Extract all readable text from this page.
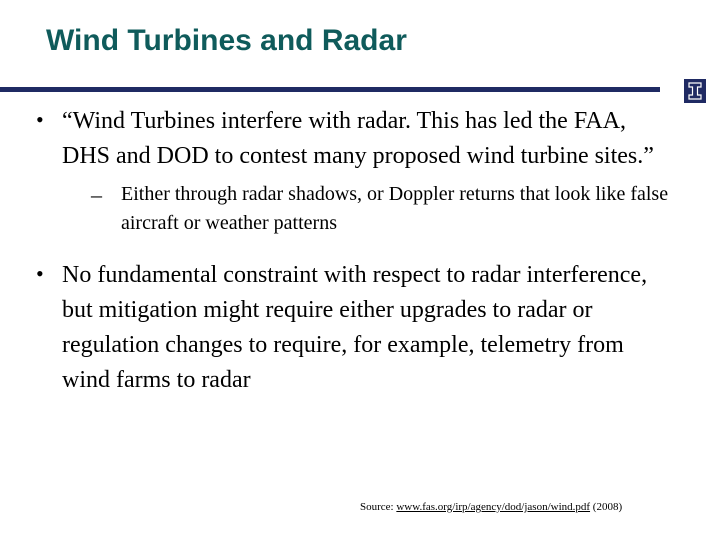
Wind Turbines and Radar
• “Wind Turbines interfere with radar. This has led the FAA, DHS and DOD to contest many proposed wind turbine sites.”
– Either through radar shadows, or Doppler returns that look like false aircraft or weather patterns
• No fundamental constraint with respect to radar interference, but mitigation might require either upgrades to radar or regulation changes to require, for example, telemetry from wind farms to radar
Source: www.fas.org/irp/agency/dod/jason/wind.pdf (2008)
